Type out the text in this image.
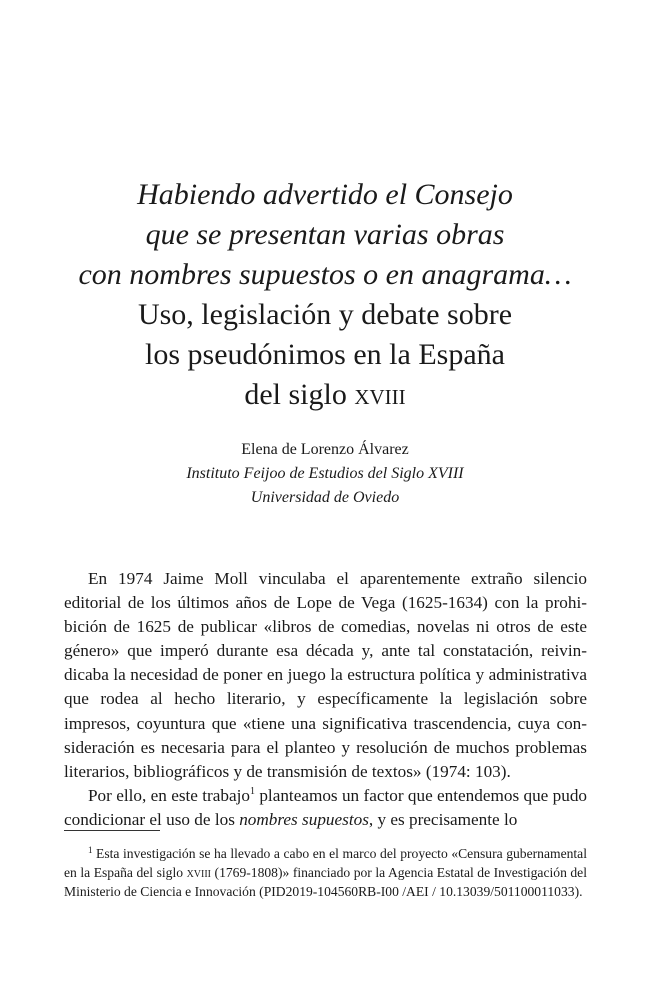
Habiendo advertido el Consejo
que se presentan varias obras
con nombres supuestos o en anagrama…
Uso, legislación y debate sobre
los pseudónimos en la España
del siglo xviii
Elena de Lorenzo Álvarez
Instituto Feijoo de Estudios del Siglo XVIII
Universidad de Oviedo

En 1974 Jaime Moll vinculaba el aparentemente extraño silencio editorial de los últimos años de Lope de Vega (1625-1634) con la prohibición de 1625 de publicar «libros de comedias, novelas ni otros de este género» que imperó durante esa década y, ante tal constatación, reivindicaba la necesidad de poner en juego la estructura política y administrativa que rodea al hecho literario, y específicamente la legislación sobre impresos, coyuntura que «tiene una significativa trascendencia, cuya consideración es necesaria para el planteo y resolución de muchos problemas literarios, bibliográficos y de transmisión de textos» (1974: 103).

Por ello, en este trabajo$^1$ planteamos un factor que entendemos que pudo condicionar el uso de los nombres supuestos, y es precisamente lo

$^1$ Esta investigación se ha llevado a cabo en el marco del proyecto «Censura gubernamental en la España del siglo xviii (1769-1808)» financiado por la Agencia Estatal de Investigación del Ministerio de Ciencia e Innovación (PID2019-104560RB-I00 /AEI / 10.13039/501100011033).
